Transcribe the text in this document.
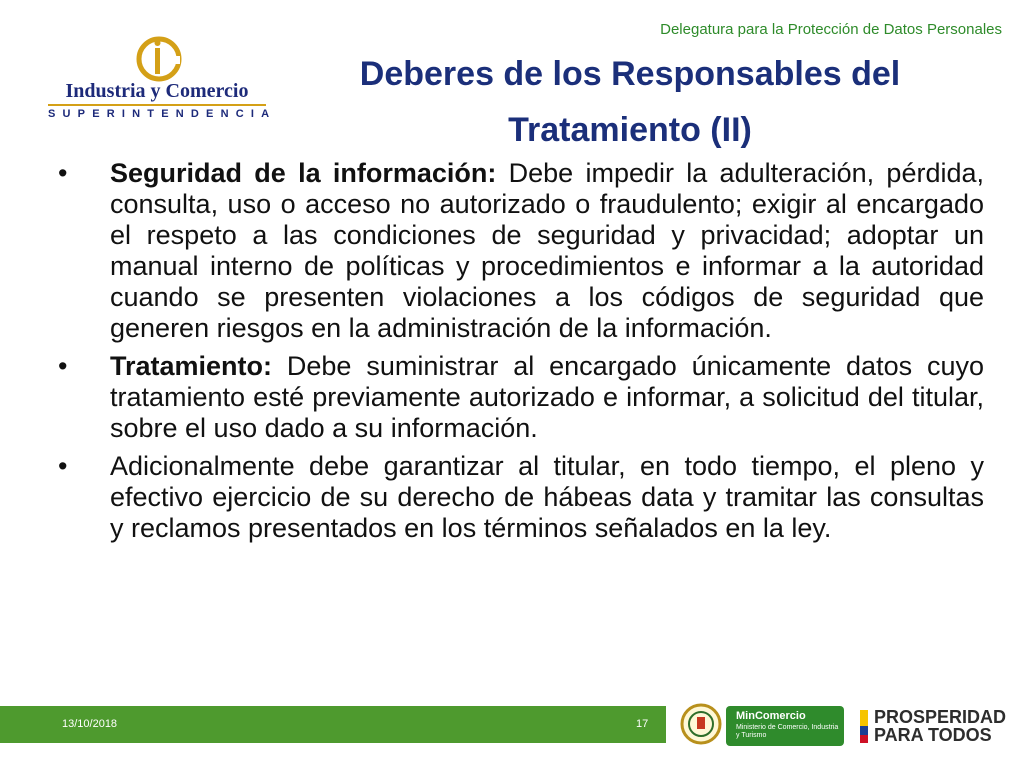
Delegatura para la Protección de Datos Personales
Industria y Comercio
SUPERINTENDENCIA
Deberes de los Responsables del
Tratamiento (II)
• Seguridad de la información: Debe impedir la adulteración, pérdida, consulta, uso o acceso no autorizado o fraudulento; exigir al encargado el respeto a las condiciones de seguridad y privacidad; adoptar un manual interno de políticas y procedimientos e informar a la autoridad cuando se presenten violaciones a los códigos de seguridad que generen riesgos en la administración de la información.
• Tratamiento: Debe suministrar al encargado únicamente datos cuyo tratamiento esté previamente autorizado e informar, a solicitud del titular, sobre el uso dado a su información.
• Adicionalmente debe garantizar al titular, en todo tiempo, el pleno y efectivo ejercicio de su derecho de hábeas data y tramitar las consultas y reclamos presentados en los términos señalados en la ley.
13/10/2018	17
MinComercio
Ministerio de Comercio, Industria y Turismo
PROSPERIDAD
PARA TODOS
